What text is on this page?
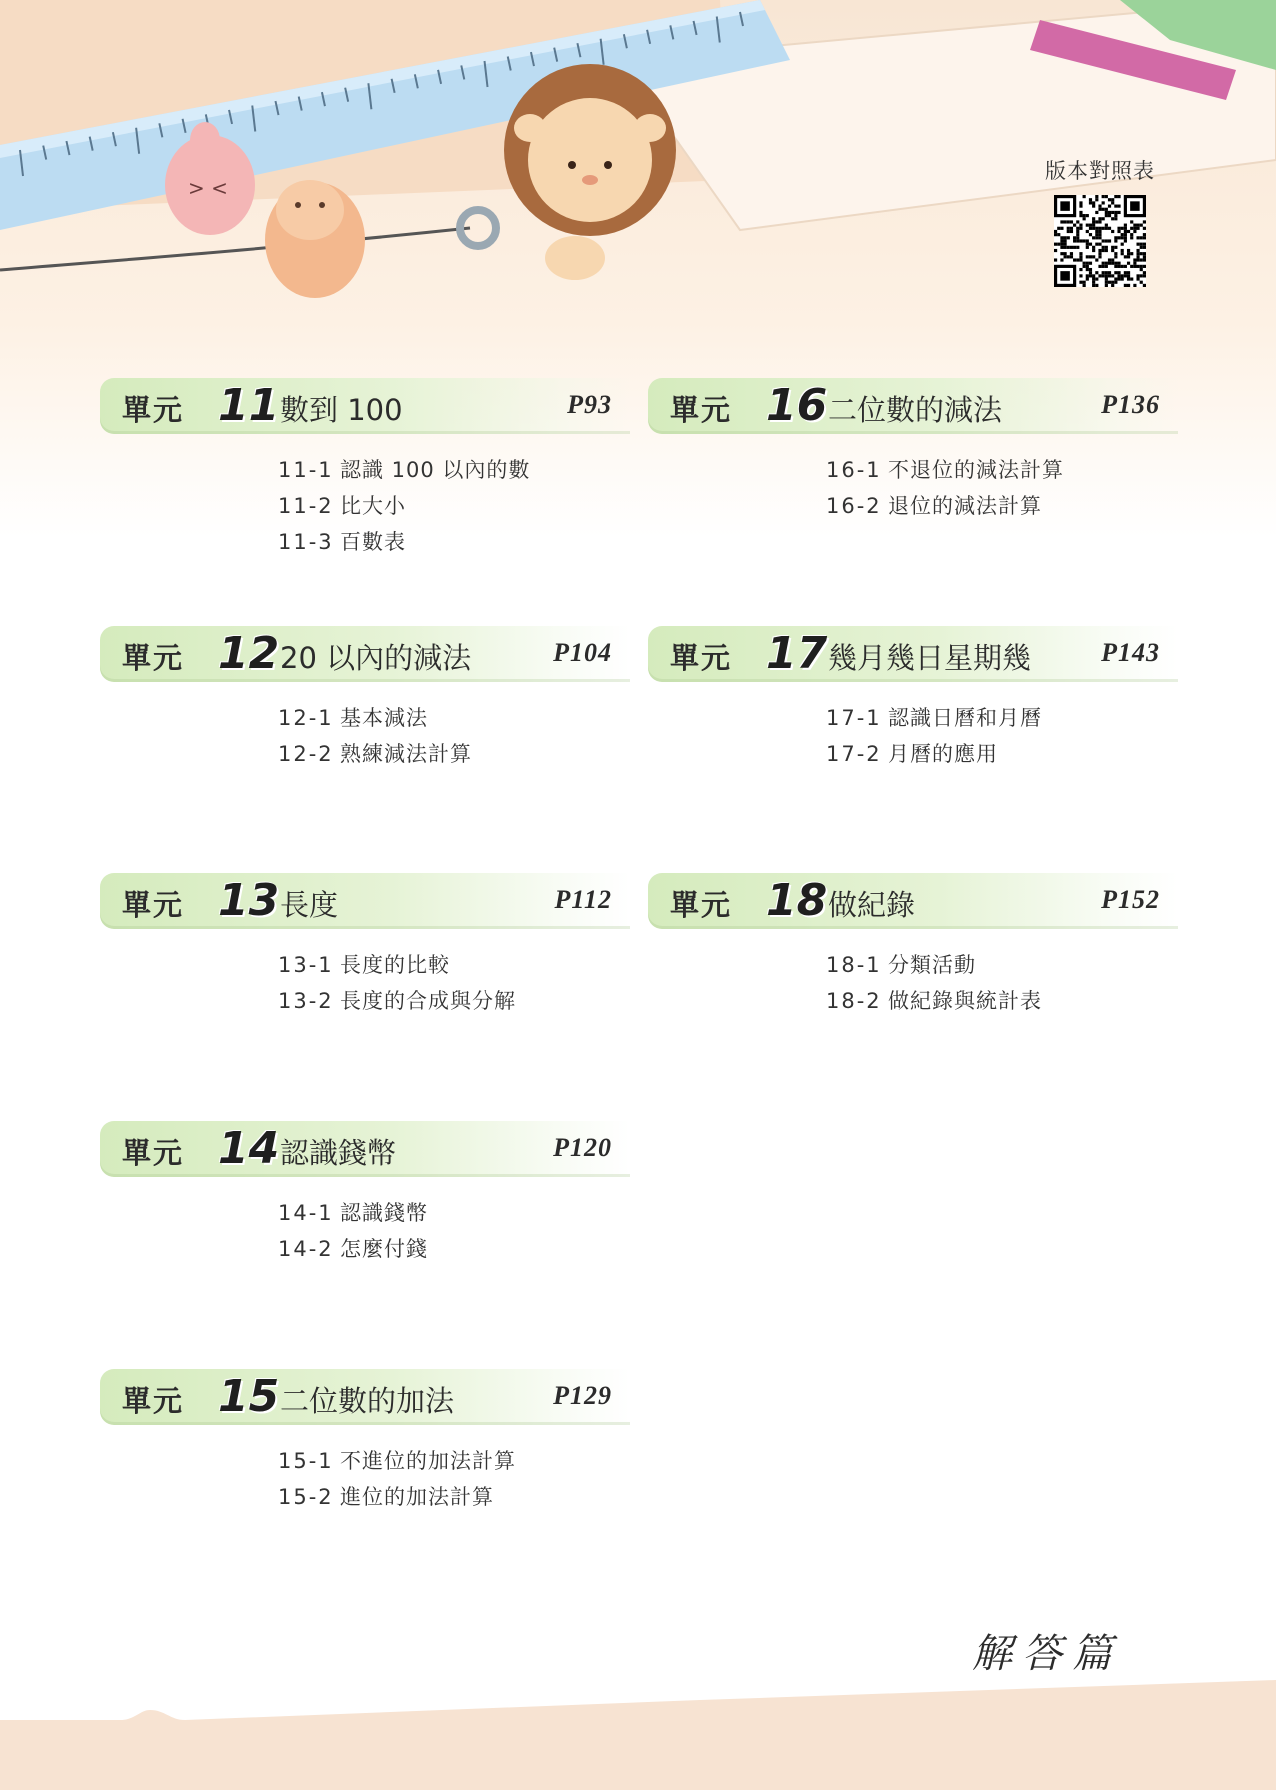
> <
版本對照表
單元 11 數到 100	P93
11-1 認識 100 以內的數
11-2 比大小
11-3 百數表
單元 12 20 以內的減法	P104
12-1 基本減法
12-2 熟練減法計算
單元 13 長度	P112
13-1 長度的比較
13-2 長度的合成與分解
單元 14 認識錢幣	P120
14-1 認識錢幣
14-2 怎麼付錢
單元 15 二位數的加法	P129
15-1 不進位的加法計算
15-2 進位的加法計算
單元 16 二位數的減法	P136
16-1 不退位的減法計算
16-2 退位的減法計算
單元 17 幾月幾日星期幾	P143
17-1 認識日曆和月曆
17-2 月曆的應用
單元 18 做紀錄	P152
18-1 分類活動
18-2 做紀錄與統計表
解答篇
